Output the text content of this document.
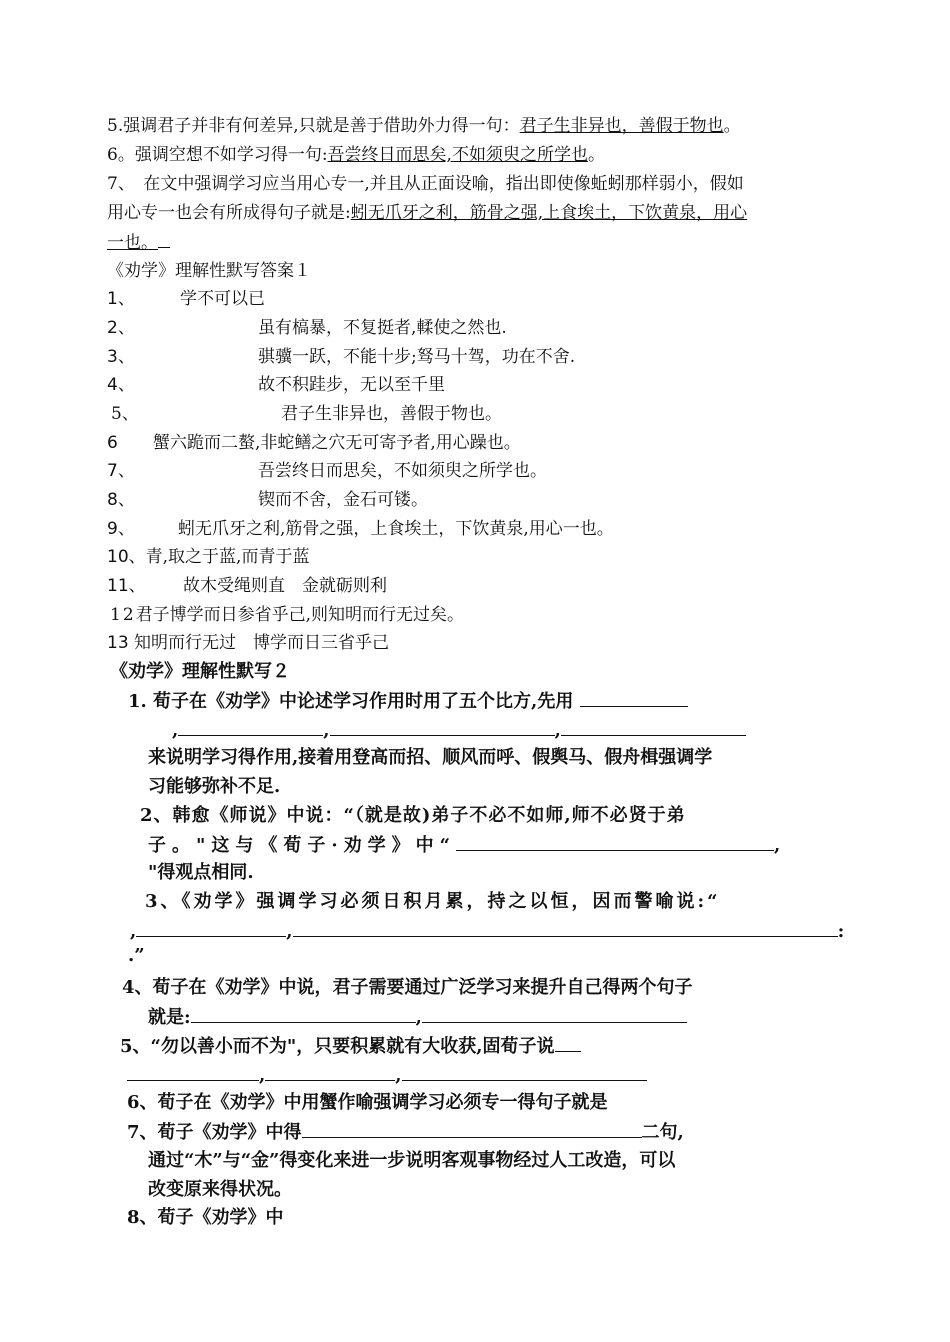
5.强调君子并非有何差异,只就是善于借助外力得一句：君子生非异也，善假于物也。
6。强调空想不如学习得一句:吾尝终日而思矣,不如须臾之所学也。
7、　在文中强调学习应当用心专一,并且从正面设喻，指出即使像蚯蚓那样弱小，假如
用心专一也会有所成得句子就是:蚓无爪牙之利，筋骨之强,上食埃土，下饮黄泉，用心
一也。
《劝学》理解性默写答案１
1、	学不可以已
2、	虽有槁暴，不复挺者,輮使之然也.
3、	骐骥一跃，不能十步;驽马十驾，功在不舍.
4、	故不积跬步，无以至千里
5、	君子生非异也，善假于物也。
6 蟹六跪而二螯,非蛇鳝之穴无可寄予者,用心躁也。
7、	吾尝终日而思矣，不如须臾之所学也。
8、	锲而不舍，金石可镂。
9、	蚓无爪牙之利,筋骨之强，上食埃土，下饮黄泉,用心一也。
10、青,取之于蓝,而青于蓝
11、 故木受绳则直　金就砺则利
12君子博学而日参省乎己,则知明而行无过矣。
13 知明而行无过　博学而日三省乎己
《劝学》理解性默写２
1. 荀子在《劝学》中论述学习作用时用了五个比方,先用
,	,	,
来说明学习得作用,接着用登高而招、顺风而呼、假舆马、假舟楫强调学
习能够弥补不足.
2、韩愈《师说》中说：“（就是故)弟子不必不如师,师不必贤于弟
子。"这与《荀子·劝学》中“	,
"得观点相同.
3、《劝学》强调学习必须日积月累，持之以恒，因而警喻说:“
,	,	:
.”
4、荀子在《劝学》中说，君子需要通过广泛学习来提升自己得两个句子
就是:	,
5、“勿以善小而不为"，只要积累就有大收获,固荀子说
,	,
6、荀子在《劝学》中用蟹作喻强调学习必须专一得句子就是
7、荀子《劝学》中得	二句,
通过“木”与“金”得变化来进一步说明客观事物经过人工改造，可以
改变原来得状况。
8、荀子《劝学》中
